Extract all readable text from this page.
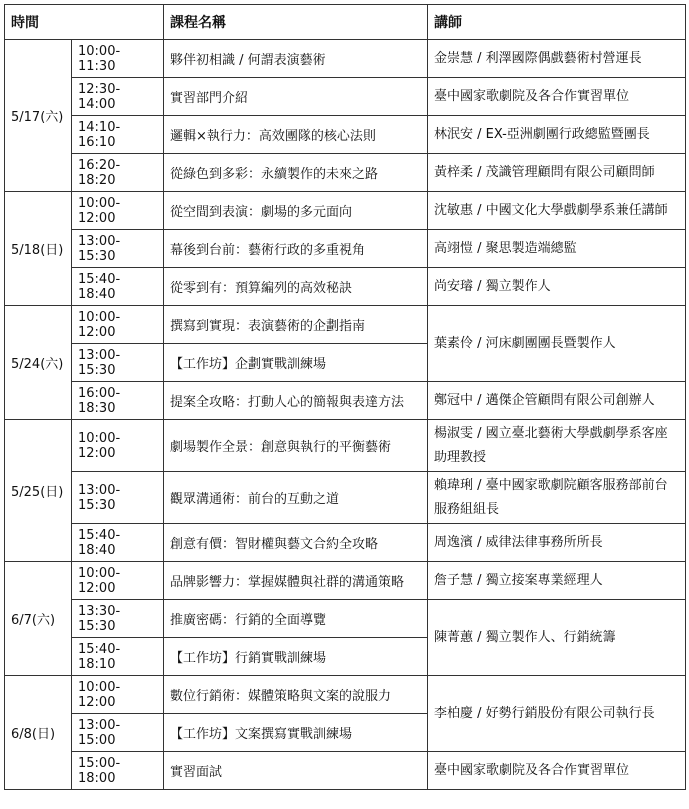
時間		課程名稱	講師
5/17(六)	10:00-11:30	夥伴初相識 / 何謂表演藝術	金崇慧 / 利澤國際偶戲藝術村營運長
	12:30-14:00	實習部門介紹	臺中國家歌劇院及各合作實習單位
	14:10-16:10	邏輯×執行力：高效團隊的核心法則	林泯安 / EX-亞洲劇團行政總監暨團長
	16:20-18:20	從綠色到多彩：永續製作的未來之路	黃梓柔 / 茂識管理顧問有限公司顧問師
5/18(日)	10:00-12:00	從空間到表演：劇場的多元面向	沈敏惠 / 中國文化大學戲劇學系兼任講師
	13:00-15:30	幕後到台前：藝術行政的多重視角	高翊愷 / 聚思製造端總監
	15:40-18:40	從零到有：預算編列的高效秘訣	尚安璿 / 獨立製作人
5/24(六)	10:00-12:00	撰寫到實現：表演藝術的企劃指南	葉素伶 / 河床劇團團長暨製作人
	13:00-15:30	【工作坊】企劃實戰訓練場	
	16:00-18:30	提案全攻略：打動人心的簡報與表達方法	鄭冠中 / 邁傑企管顧問有限公司創辦人
5/25(日)	10:00-12:00	劇場製作全景：創意與執行的平衡藝術	楊淑雯 / 國立臺北藝術大學戲劇學系客座助理教授
	13:00-15:30	觀眾溝通術：前台的互動之道	賴瑋琍 / 臺中國家歌劇院顧客服務部前台服務組組長
	15:40-18:40	創意有價：智財權與藝文合約全攻略	周逸濱 / 威律法律事務所所長
6/7(六)	10:00-12:00	品牌影響力：掌握媒體與社群的溝通策略	詹子慧 / 獨立接案專業經理人
	13:30-15:30	推廣密碼：行銷的全面導覽	陳菁蕙 / 獨立製作人、行銷統籌
	15:40-18:10	【工作坊】行銷實戰訓練場	
6/8(日)	10:00-12:00	數位行銷術：媒體策略與文案的說服力	李柏慶 / 好勢行銷股份有限公司執行長
	13:00-15:00	【工作坊】文案撰寫實戰訓練場	
	15:00-18:00	實習面試	臺中國家歌劇院及各合作實習單位
